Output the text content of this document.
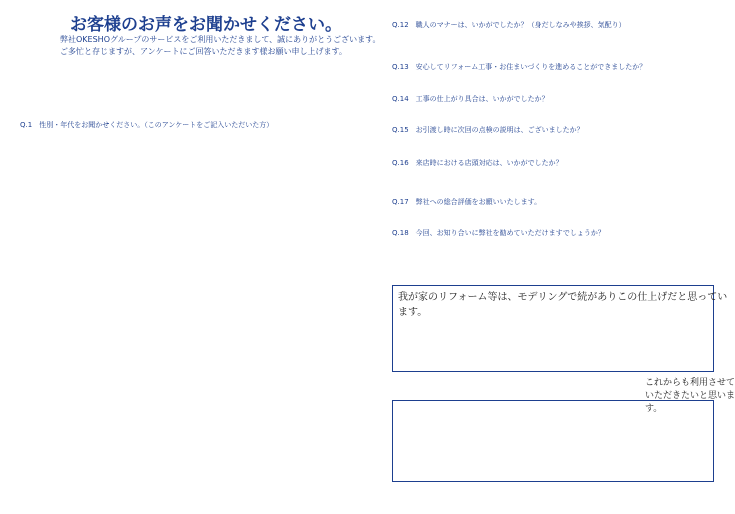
お客様のお声をお聞かせください。
弊社OKESHOグループのサービスをご利用いただきまして、誠にありがとうございます。
ご多忙と存じますが、アンケートにご回答いただきます様お願い申し上げます。
Q.1　性別・年代をお聞かせください。（このアンケートをご記入いただいた方）
Q.12　職人のマナーは、いかがでしたか？（身だしなみや挨拶、気配り）
Q.13　安心してリフォーム工事・お住まいづくりを進めることができましたか？
Q.14　工事の仕上がり具合は、いかがでしたか？
Q.15　お引渡し時に次回の点検の説明は、ございましたか？
Q.16　来店時における店頭対応は、いかがでしたか？
Q.17　弊社への総合評価をお願いいたします。
Q.18　今回、お知り合いに弊社を勧めていただけますでしょうか？
我が家のリフォーム等は、モデリングで続がありこの仕上げだと思っています。
これからも利用させていただきたいと思います。
